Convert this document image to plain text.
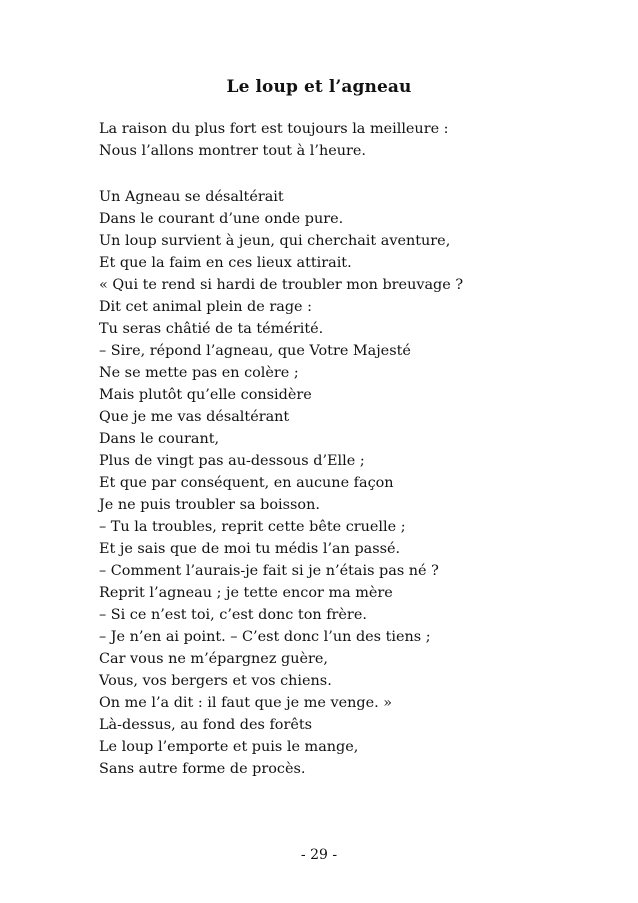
Le loup et l’agneau

La raison du plus fort est toujours la meilleure :
Nous l’allons montrer tout à l’heure.

Un Agneau se désaltérait
Dans le courant d’une onde pure.
Un loup survient à jeun, qui cherchait aventure,
Et que la faim en ces lieux attirait.
« Qui te rend si hardi de troubler mon breuvage ?
Dit cet animal plein de rage :
Tu seras châtié de ta témérité.
– Sire, répond l’agneau, que Votre Majesté
Ne se mette pas en colère ;
Mais plutôt qu’elle considère
Que je me vas désaltérant
Dans le courant,
Plus de vingt pas au-dessous d’Elle ;
Et que par conséquent, en aucune façon
Je ne puis troubler sa boisson.
– Tu la troubles, reprit cette bête cruelle ;
Et je sais que de moi tu médis l’an passé.
– Comment l’aurais-je fait si je n’étais pas né ?
Reprit l’agneau ; je tette encor ma mère
– Si ce n’est toi, c’est donc ton frère.
– Je n’en ai point. – C’est donc l’un des tiens ;
Car vous ne m’épargnez guère,
Vous, vos bergers et vos chiens.
On me l’a dit : il faut que je me venge. »
Là-dessus, au fond des forêts
Le loup l’emporte et puis le mange,
Sans autre forme de procès.

- 29 -
